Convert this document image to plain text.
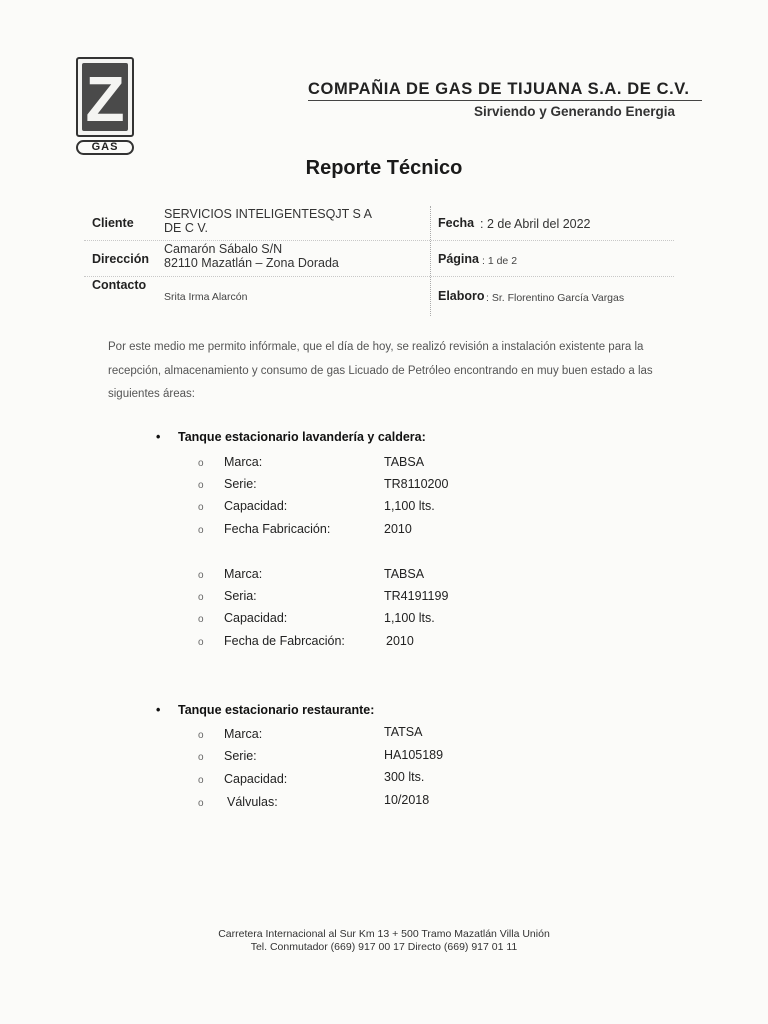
Z
GAS
COMPAÑIA DE GAS DE TIJUANA S.A. DE C.V.
Sirviendo y Generando Energia
Reporte Técnico
Cliente
SERVICIOS INTELIGENTESQJT S A
DE C V.	Fecha : 2 de Abril del 2022
Dirección
Camarón Sábalo S/N
82110 Mazatlán – Zona Dorada	Página : 1 de 2
Contacto
Srita Irma Alarcón	Elaboro : Sr. Florentino García Vargas
Por este medio me permito infórmale, que el día de hoy, se realizó revisión a instalación existente para la recepción, almacenamiento y consumo de gas Licuado de Petróleo encontrando en muy buen estado a las siguientes áreas:
• Tanque estacionario lavandería y caldera:
o Marca:	TABSA
o Serie:	TR8110200
o Capacidad:	1,100 lts.
o Fecha Fabricación:	2010
o Marca:	TABSA
o Seria:	TR4191199
o Capacidad:	1,100 lts.
o Fecha de Fabrcación:	2010
• Tanque estacionario restaurante:
o Marca:	TATSA
o Serie:	HA105189
o Capacidad:	300 lts.
o Válvulas:	10/2018
Carretera Internacional al Sur Km 13 + 500 Tramo Mazatlán Villa Unión
Tel. Conmutador (669) 917 00 17 Directo (669) 917 01 11
